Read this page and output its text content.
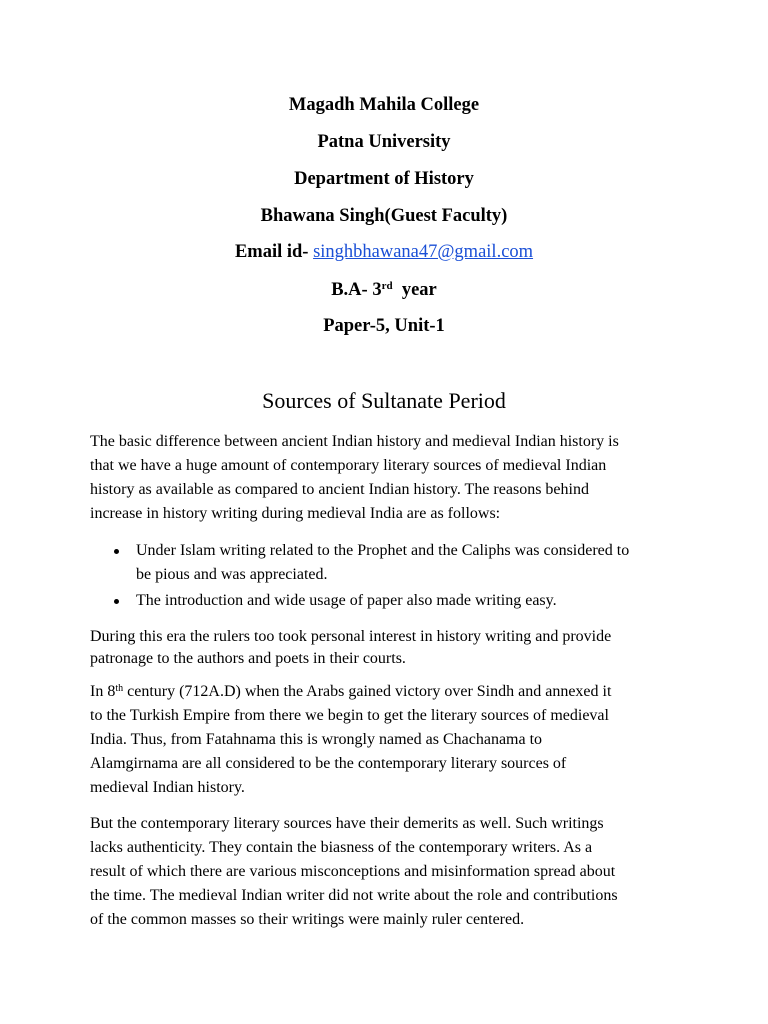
Magadh Mahila College
Patna University
Department of History
Bhawana Singh(Guest Faculty)
Email id- singhbhawana47@gmail.com
B.A- 3rd year
Paper-5, Unit-1
Sources of Sultanate Period
The basic difference between ancient Indian history and medieval Indian history is
that we have a huge amount of contemporary literary sources of medieval Indian
history as available as compared to ancient Indian history. The reasons behind
increase in history writing during medieval India are as follows:
Under Islam writing related to the Prophet and the Caliphs was considered to
be pious and was appreciated.
The introduction and wide usage of paper also made writing easy.
During this era the rulers too took personal interest in history writing and provide
patronage to the authors and poets in their courts.
In 8th century (712A.D) when the Arabs gained victory over Sindh and annexed it
to the Turkish Empire from there we begin to get the literary sources of medieval
India. Thus, from Fatahnama this is wrongly named as Chachanama to
Alamgirnama are all considered to be the contemporary literary sources of
medieval Indian history.
But the contemporary literary sources have their demerits as well. Such writings
lacks authenticity. They contain the biasness of the contemporary writers. As a
result of which there are various misconceptions and misinformation spread about
the time. The medieval Indian writer did not write about the role and contributions
of the common masses so their writings were mainly ruler centered.
